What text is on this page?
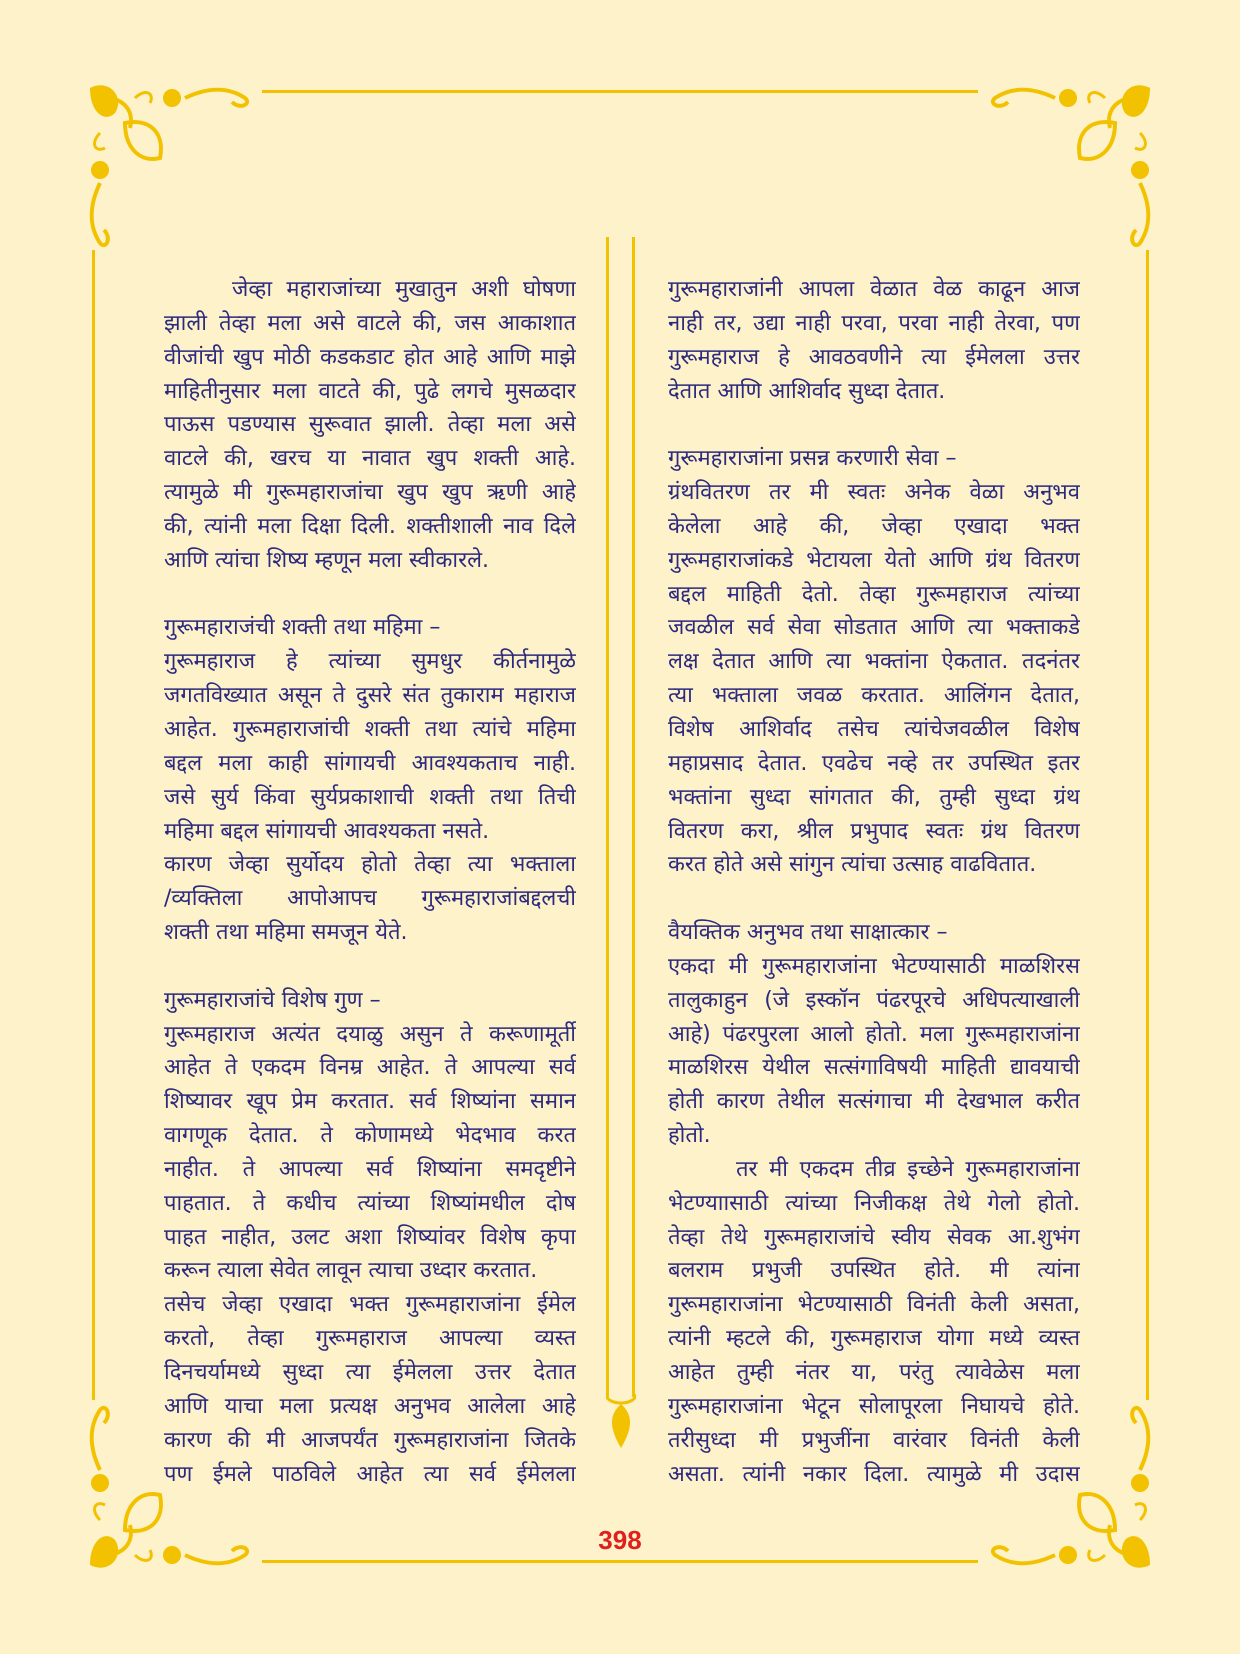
जेव्हा महाराजांच्या मुखातुन अशी घोषणा
झाली तेव्हा मला असे वाटले की, जस आकाशात
वीजांची खुप मोठी कडकडाट होत आहे आणि माझे
माहितीनुसार मला वाटते की, पुढे लगचे मुसळदार
पाऊस पडण्यास सुरूवात झाली. तेव्हा मला असे
वाटले की, खरच या नावात खुप शक्ती आहे.
त्यामुळे मी गुरूमहाराजांचा खुप खुप ऋणी आहे
की, त्यांनी मला दिक्षा दिली. शक्तीशाली नाव दिले
आणि त्यांचा शिष्य म्हणून मला स्वीकारले.
गुरूमहाराजंची शक्ती तथा महिमा –
गुरूमहाराज हे त्यांच्या सुमधुर कीर्तनामुळे
जगतविख्यात असून ते दुसरे संत तुकाराम महाराज
आहेत. गुरूमहाराजांची शक्ती तथा त्यांचे महिमा
बद्दल मला काही सांगायची आवश्यकताच नाही.
जसे सुर्य किंवा सुर्यप्रकाशाची शक्ती तथा तिची
महिमा बद्दल सांगायची आवश्यकता नसते.
कारण जेव्हा सुर्योदय होतो तेव्हा त्या भक्ताला
/व्यक्तिला आपोआपच गुरूमहाराजांबद्दलची
शक्ती तथा महिमा समजून येते.
गुरूमहाराजांचे विशेष गुण –
गुरूमहाराज अत्यंत दयाळु असुन ते करूणामूर्ती
आहेत ते एकदम विनम्र आहेत. ते आपल्या सर्व
शिष्यावर खूप प्रेम करतात. सर्व शिष्यांना समान
वागणूक देतात. ते कोणामध्ये भेदभाव करत
नाहीत. ते आपल्या सर्व शिष्यांना समदृष्टीने
पाहतात. ते कधीच त्यांच्या शिष्यांमधील दोष
पाहत नाहीत, उलट अशा शिष्यांवर विशेष कृपा
करून त्याला सेवेत लावून त्याचा उध्दार करतात.
तसेच जेव्हा एखादा भक्त गुरूमहाराजांना ईमेल
करतो, तेव्हा गुरूमहाराज आपल्या व्यस्त
दिनचर्यामध्ये सुध्दा त्या ईमेलला उत्तर देतात
आणि याचा मला प्रत्यक्ष अनुभव आलेला आहे
कारण की मी आजपर्यंत गुरूमहाराजांना जितके
पण ईमले पाठविले आहेत त्या सर्व ईमेलला
गुरूमहाराजांनी आपला वेळात वेळ काढून आज
नाही तर, उद्या नाही परवा, परवा नाही तेरवा, पण
गुरूमहाराज हे आवठवणीने त्या ईमेलला उत्तर
देतात आणि आशिर्वाद सुध्दा देतात.
गुरूमहाराजांना प्रसन्न करणारी सेवा –
ग्रंथवितरण तर मी स्वतः अनेक वेळा अनुभव
केलेला आहे की, जेव्हा एखादा भक्त
गुरूमहाराजांकडे भेटायला येतो आणि ग्रंथ वितरण
बद्दल माहिती देतो. तेव्हा गुरूमहाराज त्यांच्या
जवळील सर्व सेवा सोडतात आणि त्या भक्ताकडे
लक्ष देतात आणि त्या भक्तांना ऐकतात. तदनंतर
त्या भक्ताला जवळ करतात. आलिंगन देतात,
विशेष आशिर्वाद तसेच त्यांचेजवळील विशेष
महाप्रसाद देतात. एवढेच नव्हे तर उपस्थित इतर
भक्तांना सुध्दा सांगतात की, तुम्ही सुध्दा ग्रंथ
वितरण करा, श्रील प्रभुपाद स्वतः ग्रंथ वितरण
करत होते असे सांगुन त्यांचा उत्साह वाढवितात.
वैयक्तिक अनुभव तथा साक्षात्कार –
एकदा मी गुरूमहाराजांना भेटण्यासाठी माळशिरस
तालुकाहुन (जे इस्कॉन पंढरपूरचे अधिपत्याखाली
आहे) पंढरपुरला आलो होतो. मला गुरूमहाराजांना
माळशिरस येथील सत्संगाविषयी माहिती द्यावयाची
होती कारण तेथील सत्संगाचा मी देखभाल करीत
होतो.
तर मी एकदम तीव्र इच्छेने गुरूमहाराजांना
भेटण्याासाठी त्यांच्या निजीकक्ष तेथे गेलो होतो.
तेव्हा तेथे गुरूमहाराजांचे स्वीय सेवक आ.शुभंग
बलराम प्रभुजी उपस्थित होते. मी त्यांना
गुरूमहाराजांना भेटण्यासाठी विनंती केली असता,
त्यांनी म्हटले की, गुरूमहाराज योगा मध्ये व्यस्त
आहेत तुम्ही नंतर या, परंतु त्यावेळेस मला
गुरूमहाराजांना भेटून सोलापूरला निघायचे होते.
तरीसुध्दा मी प्रभुजींना वारंवार विनंती केली
असता. त्यांनी नकार दिला. त्यामुळे मी उदास
398
